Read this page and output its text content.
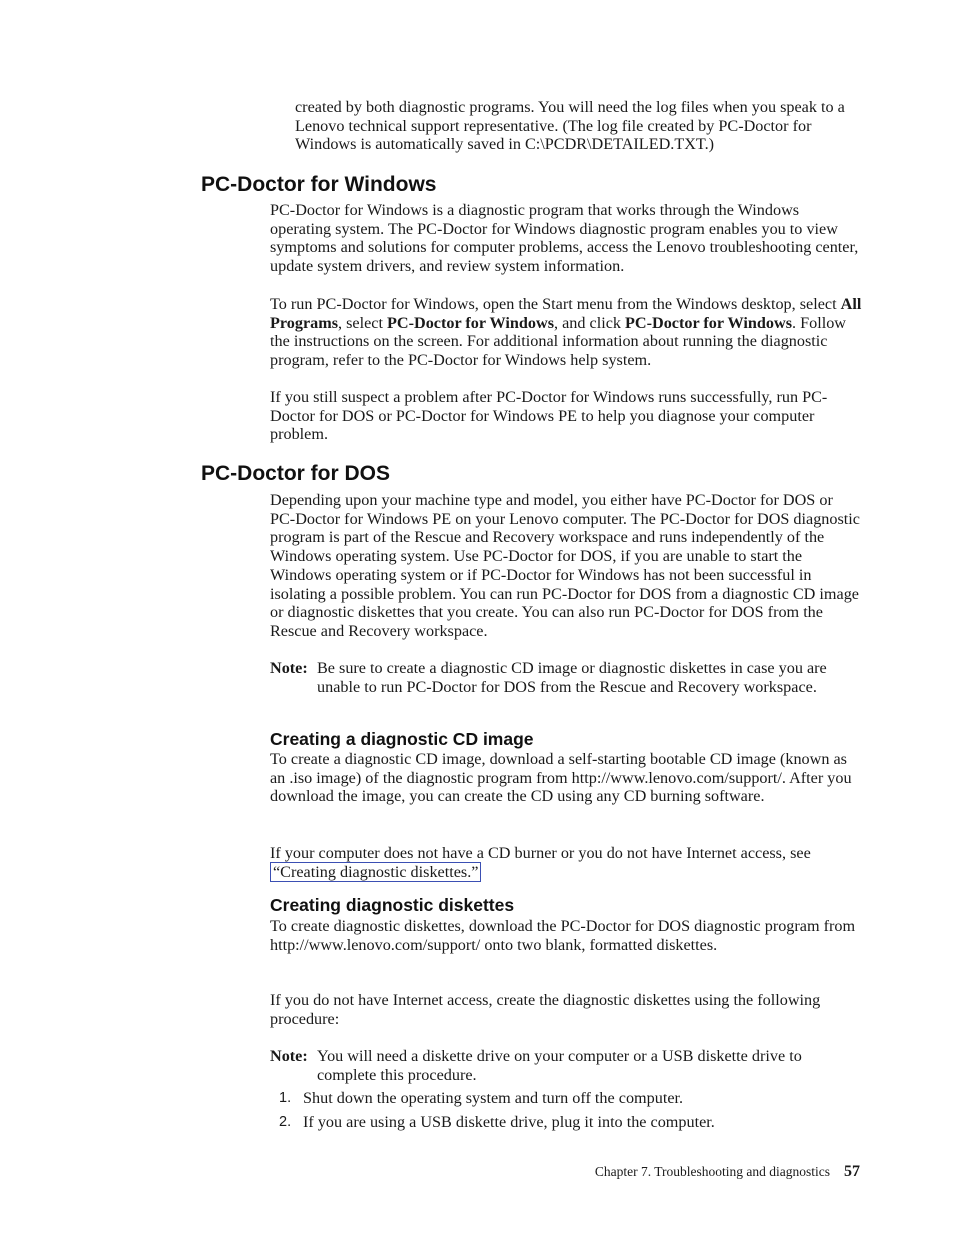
created by both diagnostic programs. You will need the log files when you speak to a Lenovo technical support representative. (The log file created by PC-Doctor for Windows is automatically saved in C:\PCDR\DETAILED.TXT.)

PC-Doctor for Windows

PC-Doctor for Windows is a diagnostic program that works through the Windows operating system. The PC-Doctor for Windows diagnostic program enables you to view symptoms and solutions for computer problems, access the Lenovo troubleshooting center, update system drivers, and review system information.

To run PC-Doctor for Windows, open the Start menu from the Windows desktop, select All Programs, select PC-Doctor for Windows, and click PC-Doctor for Windows. Follow the instructions on the screen. For additional information about running the diagnostic program, refer to the PC-Doctor for Windows help system.

If you still suspect a problem after PC-Doctor for Windows runs successfully, run PC-Doctor for DOS or PC-Doctor for Windows PE to help you diagnose your computer problem.

PC-Doctor for DOS

Depending upon your machine type and model, you either have PC-Doctor for DOS or PC-Doctor for Windows PE on your Lenovo computer. The PC-Doctor for DOS diagnostic program is part of the Rescue and Recovery workspace and runs independently of the Windows operating system. Use PC-Doctor for DOS, if you are unable to start the Windows operating system or if PC-Doctor for Windows has not been successful in isolating a possible problem. You can run PC-Doctor for DOS from a diagnostic CD image or diagnostic diskettes that you create. You can also run PC-Doctor for DOS from the Rescue and Recovery workspace.

Note: Be sure to create a diagnostic CD image or diagnostic diskettes in case you are unable to run PC-Doctor for DOS from the Rescue and Recovery workspace.
Creating a diagnostic CD image

To create a diagnostic CD image, download a self-starting bootable CD image (known as an .iso image) of the diagnostic program from http://www.lenovo.com/support/. After you download the image, you can create the CD using any CD burning software.

If your computer does not have a CD burner or you do not have Internet access, see “Creating diagnostic diskettes.”

Creating diagnostic diskettes

To create diagnostic diskettes, download the PC-Doctor for DOS diagnostic program from http://www.lenovo.com/support/ onto two blank, formatted diskettes.

If you do not have Internet access, create the diagnostic diskettes using the following procedure:

Note: You will need a diskette drive on your computer or a USB diskette drive to complete this procedure.
1. Shut down the operating system and turn off the computer.
2. If you are using a USB diskette drive, plug it into the computer.
Chapter 7. Troubleshooting and diagnostics 57
